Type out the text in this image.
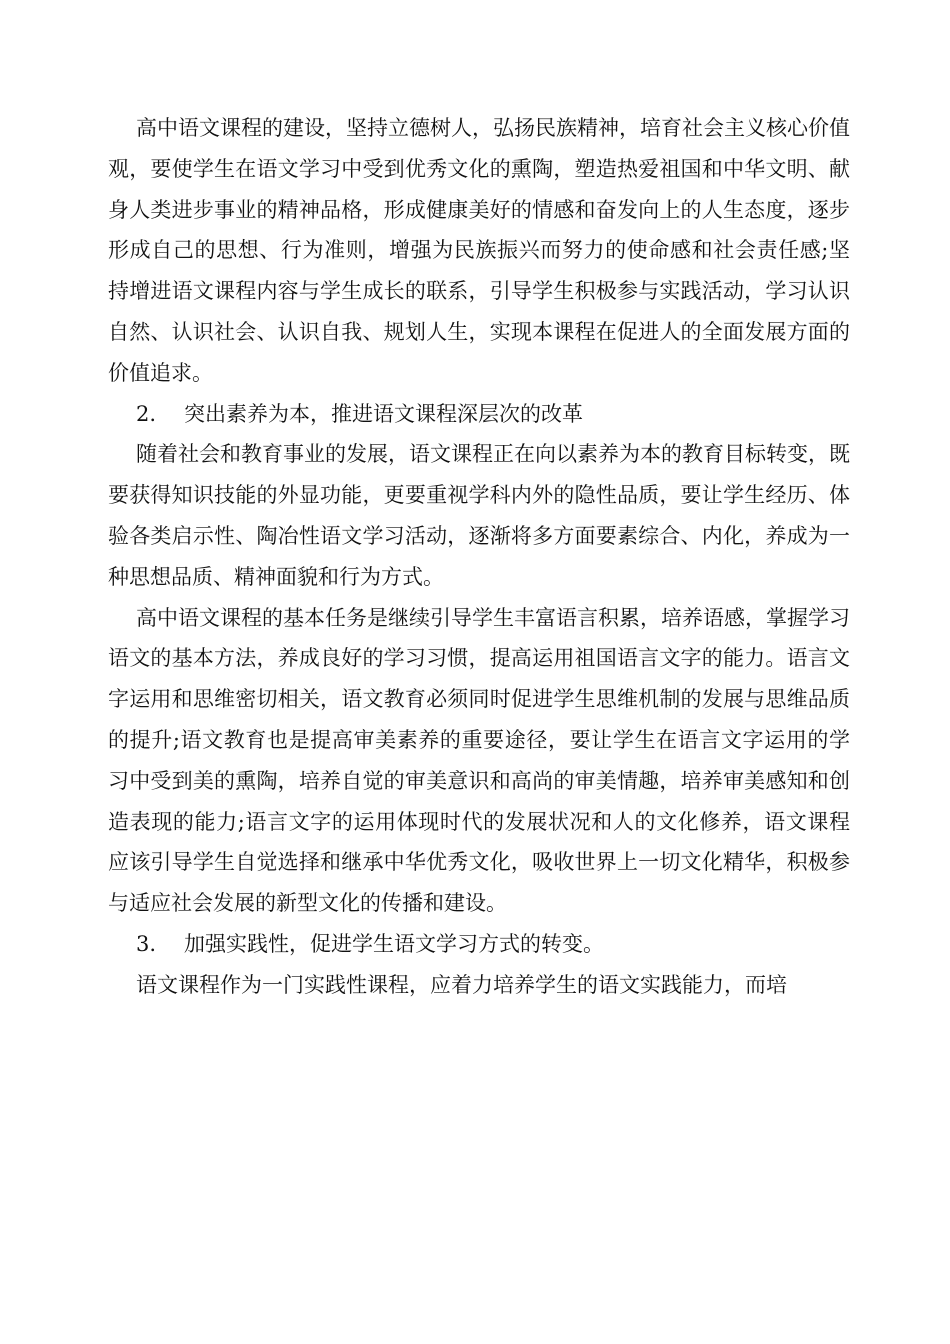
高中语文课程的建设，坚持立德树人，弘扬民族精神，培育社会主义核心价值观，要使学生在语文学习中受到优秀文化的熏陶，塑造热爱祖国和中华文明、献身人类进步事业的精神品格，形成健康美好的情感和奋发向上的人生态度，逐步形成自己的思想、行为准则，增强为民族振兴而努力的使命感和社会责任感;坚持增进语文课程内容与学生成长的联系，引导学生积极参与实践活动，学习认识自然、认识社会、认识自我、规划人生，实现本课程在促进人的全面发展方面的价值追求。

2. 突出素养为本，推进语文课程深层次的改革

随着社会和教育事业的发展，语文课程正在向以素养为本的教育目标转变，既要获得知识技能的外显功能，更要重视学科内外的隐性品质，要让学生经历、体验各类启示性、陶冶性语文学习活动，逐渐将多方面要素综合、内化，养成为一种思想品质、精神面貌和行为方式。

高中语文课程的基本任务是继续引导学生丰富语言积累，培养语感，掌握学习语文的基本方法，养成良好的学习习惯，提高运用祖国语言文字的能力。语言文字运用和思维密切相关，语文教育必须同时促进学生思维机制的发展与思维品质的提升;语文教育也是提高审美素养的重要途径，要让学生在语言文字运用的学习中受到美的熏陶，培养自觉的审美意识和高尚的审美情趣，培养审美感知和创造表现的能力;语言文字的运用体现时代的发展状况和人的文化修养，语文课程应该引导学生自觉选择和继承中华优秀文化，吸收世界上一切文化精华，积极参与适应社会发展的新型文化的传播和建设。

3. 加强实践性，促进学生语文学习方式的转变。

语文课程作为一门实践性课程，应着力培养学生的语文实践能力，而培
